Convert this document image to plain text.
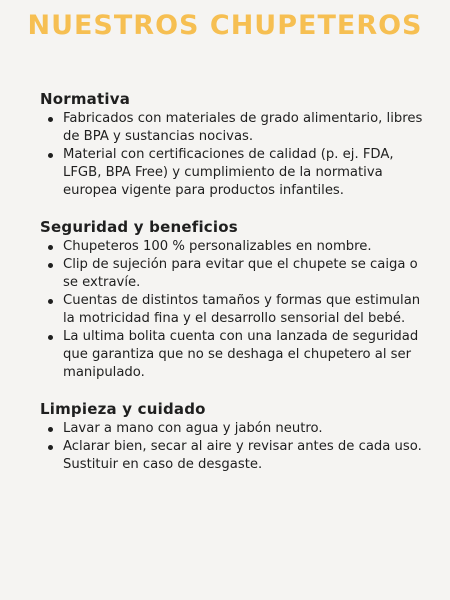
NUESTROS CHUPETEROS
Normativa
Fabricados con materiales de grado alimentario, libres de BPA y sustancias nocivas.
Material con certificaciones de calidad (p. ej. FDA, LFGB, BPA Free) y cumplimiento de la normativa europea vigente para productos infantiles.
Seguridad y beneficios
Chupeteros 100 % personalizables en nombre.
Clip de sujeción para evitar que el chupete se caiga o se extravíe.
Cuentas de distintos tamaños y formas que estimulan la motricidad fina y el desarrollo sensorial del bebé.
La ultima bolita cuenta con una lanzada de seguridad que garantiza que no se deshaga el chupetero al ser manipulado.
Limpieza y cuidado
Lavar a mano con agua y jabón neutro.
Aclarar bien, secar al aire y revisar antes de cada uso. Sustituir en caso de desgaste.
